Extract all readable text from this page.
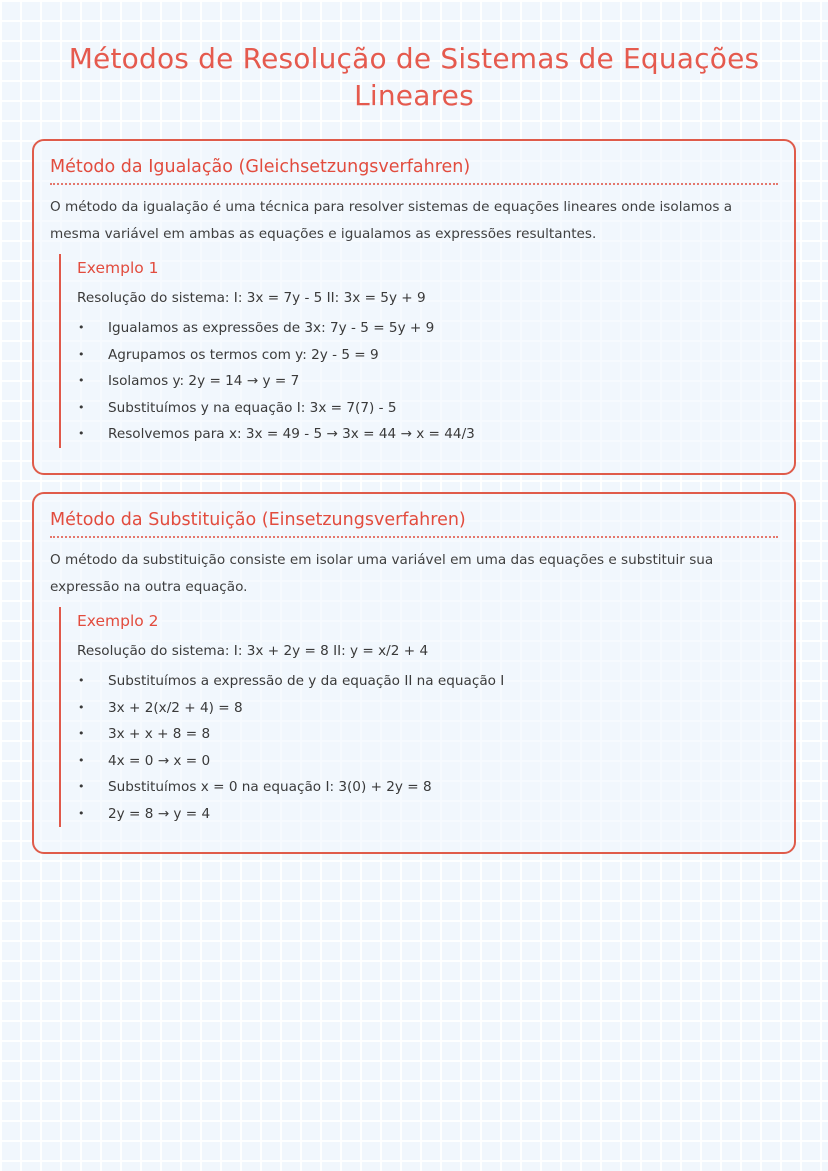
Métodos de Resolução de Sistemas de Equações Lineares
Método da Igualação (Gleichsetzungsverfahren)

O método da igualação é uma técnica para resolver sistemas de equações lineares onde isolamos a mesma variável em ambas as equações e igualamos as expressões resultantes.

Exemplo 1
Resolução do sistema: I: 3x = 7y - 5 II: 3x = 5y + 9
• Igualamos as expressões de 3x: 7y - 5 = 5y + 9
• Agrupamos os termos com y: 2y - 5 = 9
• Isolamos y: 2y = 14 → y = 7
• Substituímos y na equação I: 3x = 7(7) - 5
• Resolvemos para x: 3x = 49 - 5 → 3x = 44 → x = 44/3
Método da Substituição (Einsetzungsverfahren)

O método da substituição consiste em isolar uma variável em uma das equações e substituir sua expressão na outra equação.

Exemplo 2
Resolução do sistema: I: 3x + 2y = 8 II: y = x/2 + 4
• Substituímos a expressão de y da equação II na equação I
• 3x + 2(x/2 + 4) = 8
• 3x + x + 8 = 8
• 4x = 0 → x = 0
• Substituímos x = 0 na equação I: 3(0) + 2y = 8
• 2y = 8 → y = 4
